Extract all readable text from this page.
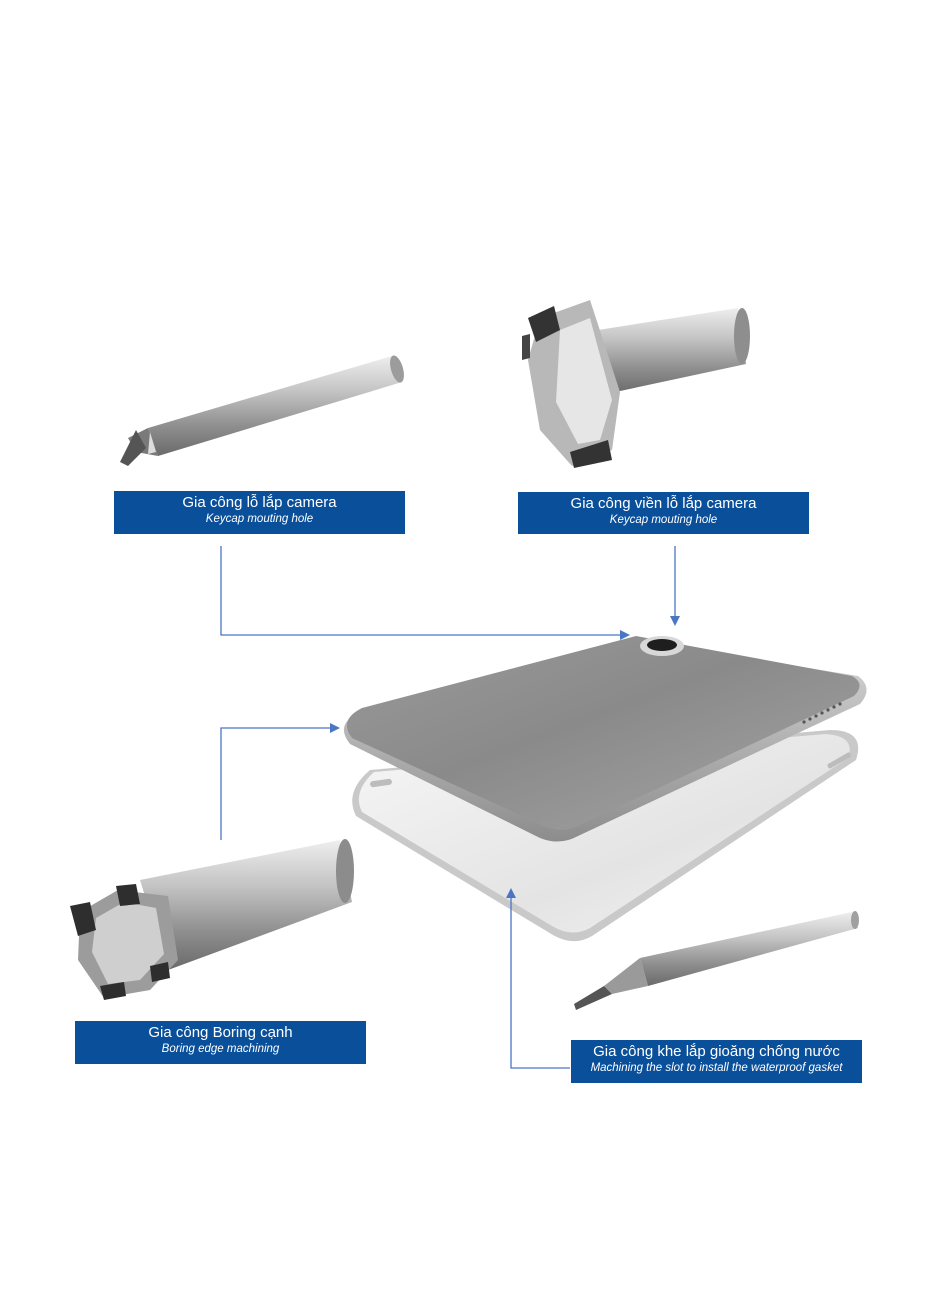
Gia công lỗ lắp camera
Keycap mouting hole
Gia công viền lỗ lắp camera
Keycap mouting hole
Gia công Boring cạnh
Boring edge machining	Gia công khe lắp gioăng chống nước
Machining the slot to install the waterproof gasket
